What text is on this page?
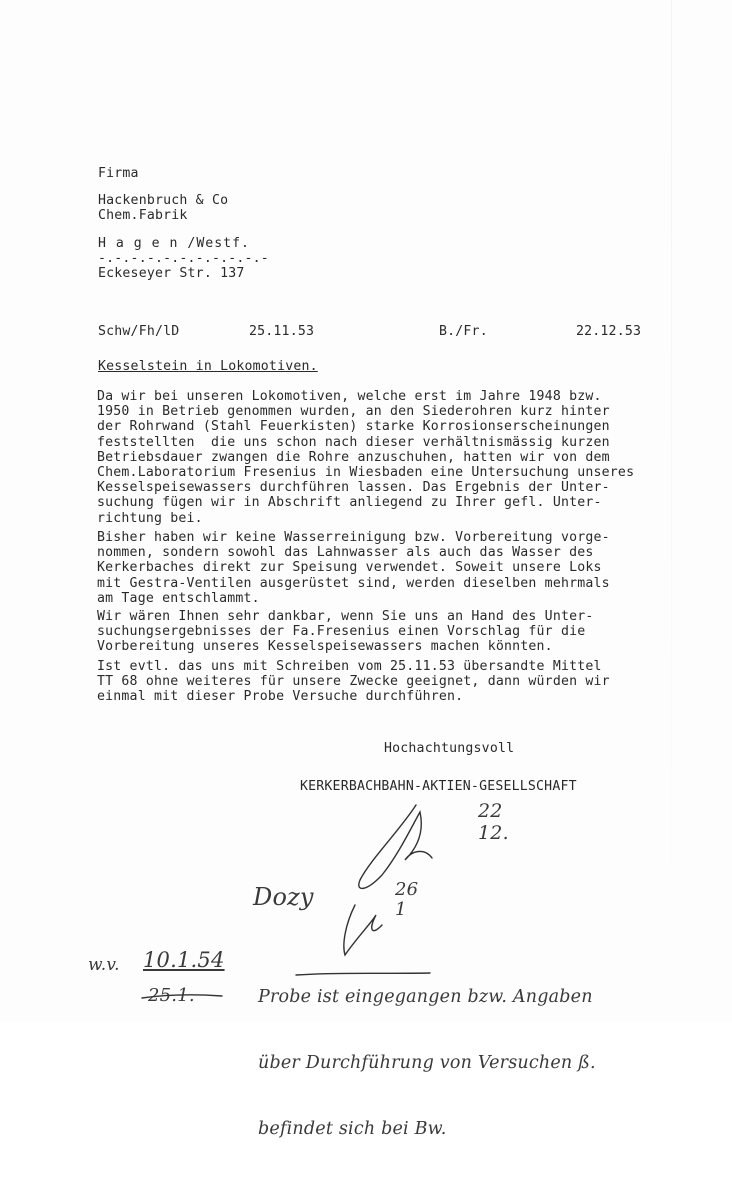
Firma
Hackenbruch & Co
Chem.Fabrik
H a g e n /Westf.
-.-.-.-.-.-.-.-.-.-.-
Eckeseyer Str. 137
Schw/Fh/lD	25.11.53	B./Fr.	22.12.53
Kesselstein in Lokomotiven.
Da wir bei unseren Lokomotiven, welche erst im Jahre 1948 bzw.
1950 in Betrieb genommen wurden, an den Siederohren kurz hinter
der Rohrwand (Stahl Feuerkisten) starke Korrosionserscheinungen
feststellten  die uns schon nach dieser verhältnismässig kurzen
Betriebsdauer zwangen die Rohre anzuschuhen, hatten wir von dem
Chem.Laboratorium Fresenius in Wiesbaden eine Untersuchung unseres
Kesselspeisewassers durchführen lassen. Das Ergebnis der Unter-
suchung fügen wir in Abschrift anliegend zu Ihrer gefl. Unter-
richtung bei.
Bisher haben wir keine Wasserreinigung bzw. Vorbereitung vorge-
nommen, sondern sowohl das Lahnwasser als auch das Wasser des
Kerkerbaches direkt zur Speisung verwendet. Soweit unsere Loks
mit Gestra-Ventilen ausgerüstet sind, werden dieselben mehrmals
am Tage entschlammt.
Wir wären Ihnen sehr dankbar, wenn Sie uns an Hand des Unter-
suchungsergebnisses der Fa.Fresenius einen Vorschlag für die
Vorbereitung unseres Kesselspeisewassers machen könnten.
Ist evtl. das uns mit Schreiben vom 25.11.53 übersandte Mittel
TT 68 ohne weiteres für unsere Zwecke geeignet, dann würden wir
einmal mit dieser Probe Versuche durchführen.
Hochachtungsvoll
KERKERBACHBAHN-AKTIEN-GESELLSCHAFT
22
12.
Dozy	26
1
w.v. 10.1.54
25.1.

	Probe ist eingegangen bzw. Angaben

über Durchführung von Versuchen ß.

befindet sich bei Bw.
